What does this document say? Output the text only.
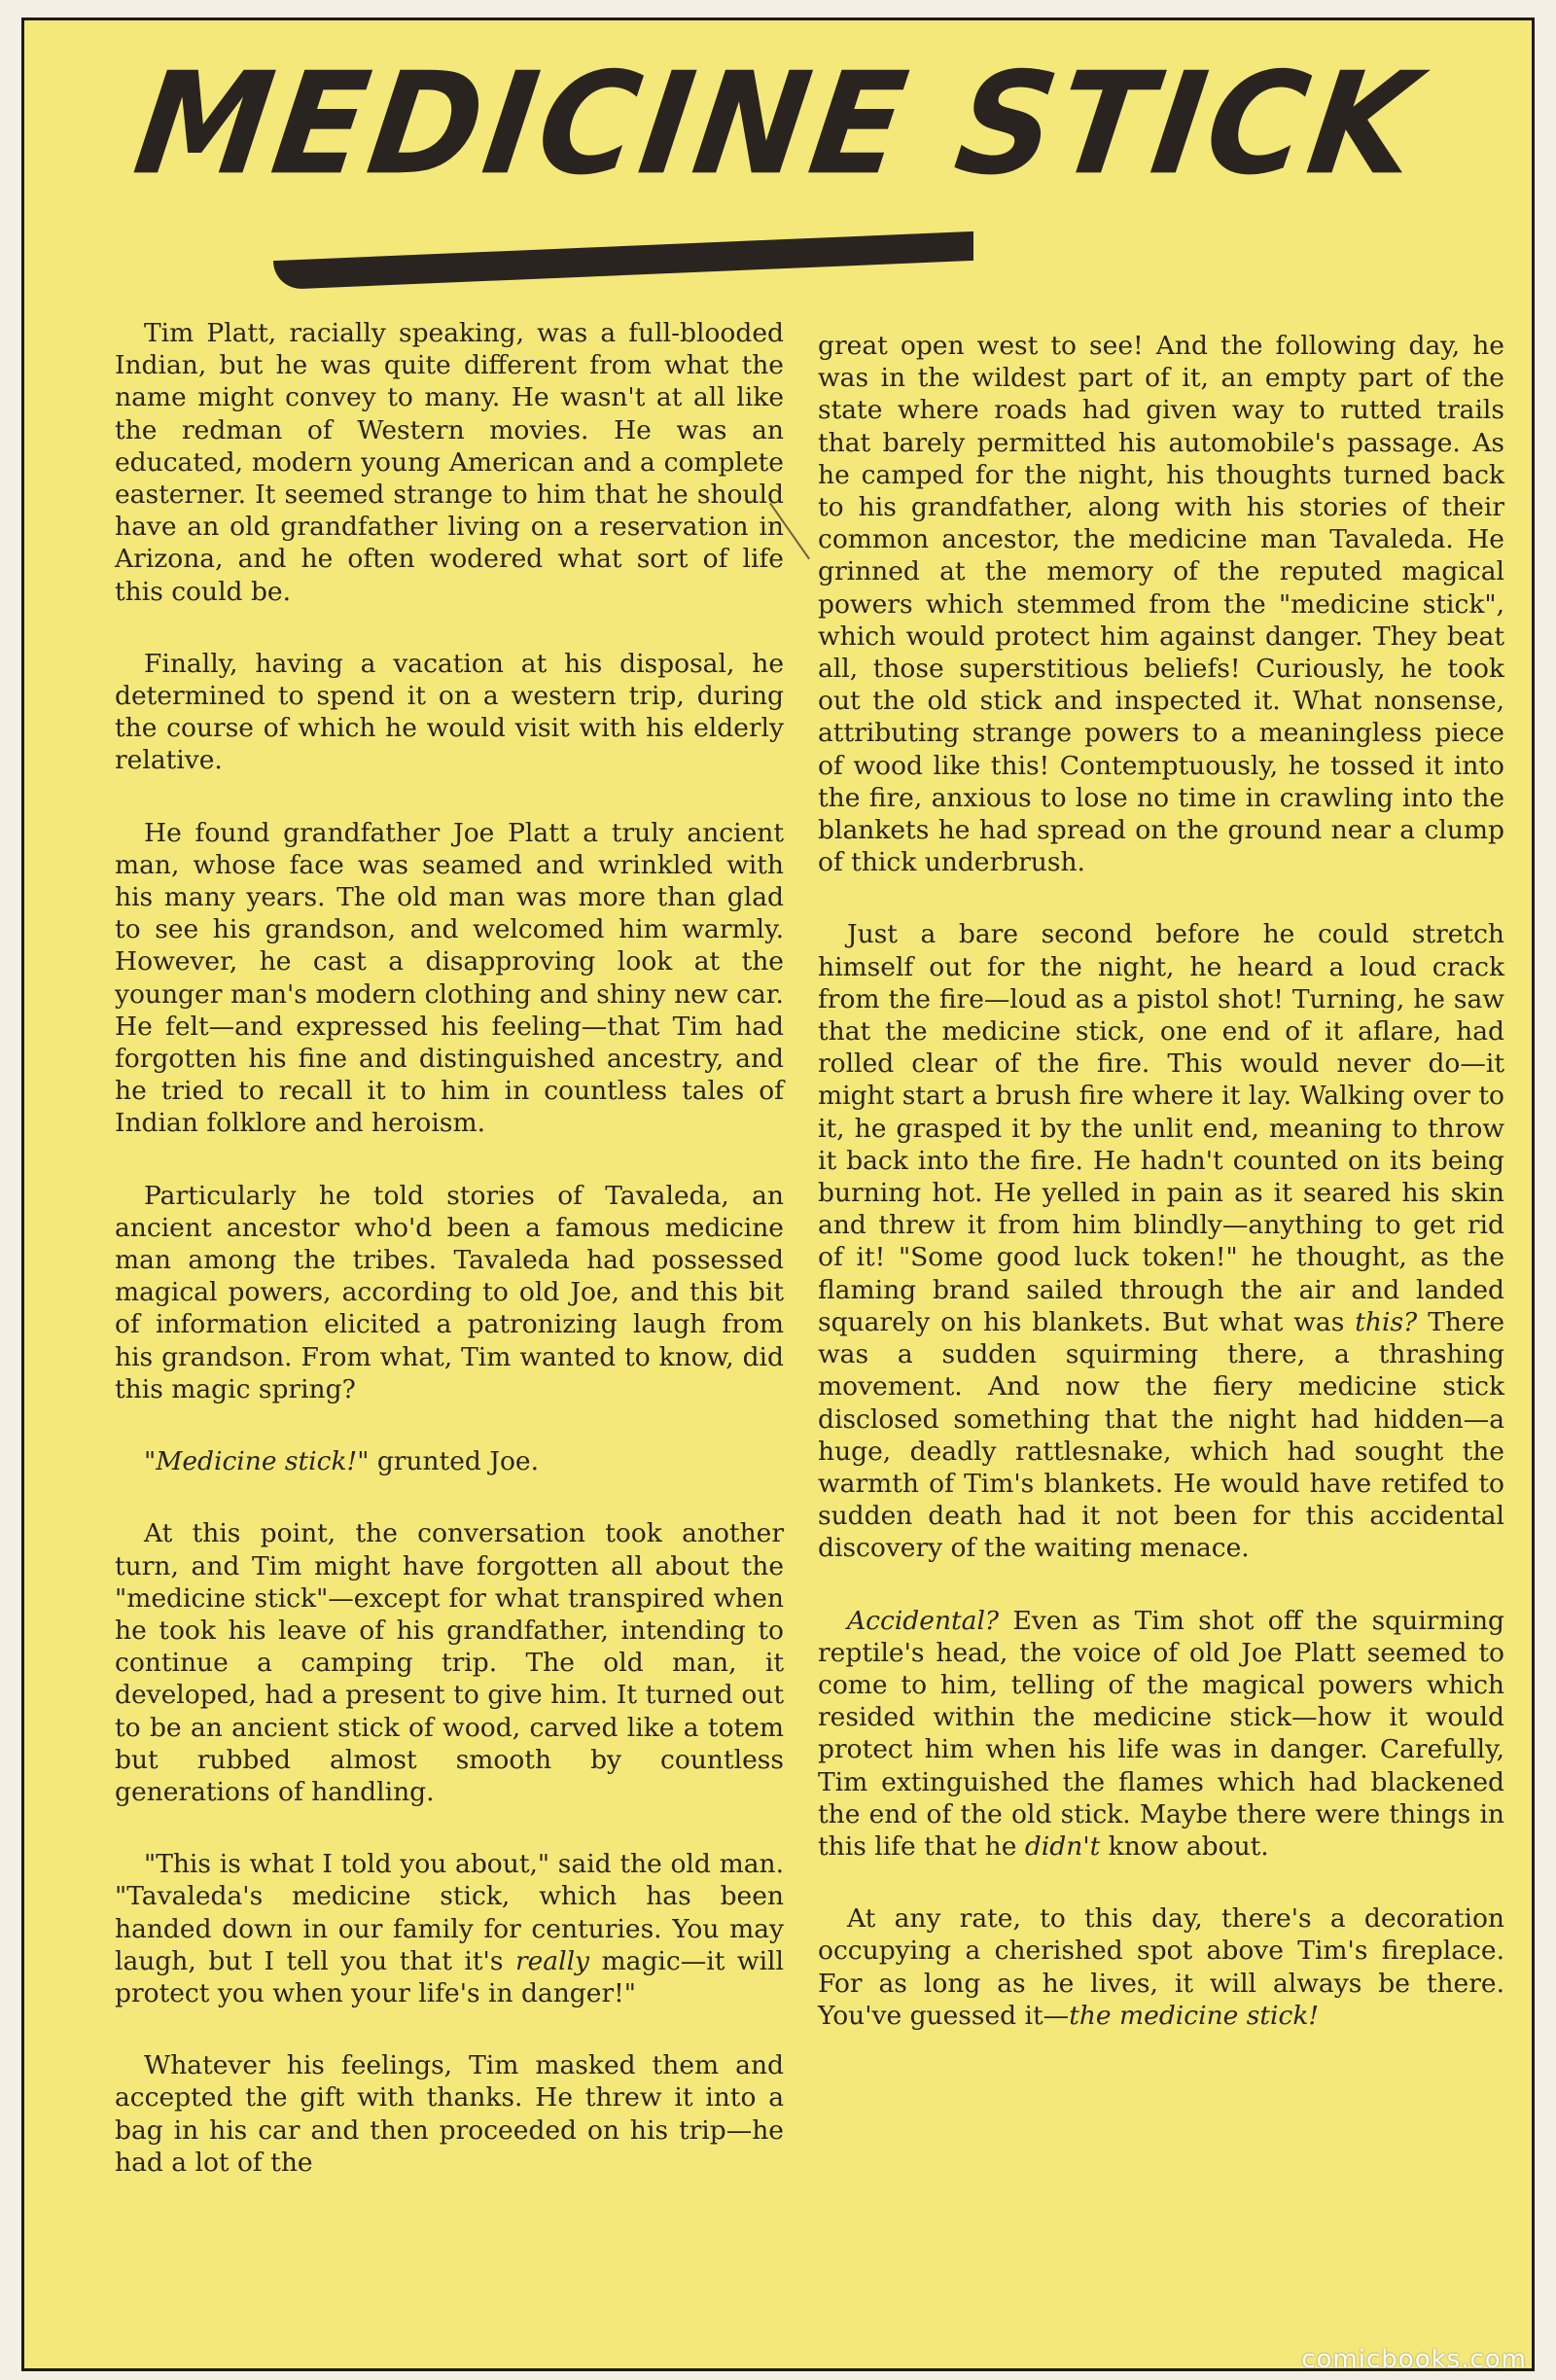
MEDICINE STICK

Tim Platt, racially speaking, was a full-blooded Indian, but he was quite different from what the name might convey to many. He wasn't at all like the redman of Western movies. He was an educated, modern young American and a complete easterner. It seemed strange to him that he should have an old grandfather living on a reservation in Arizona, and he often wodered what sort of life this could be.

Finally, having a vacation at his disposal, he determined to spend it on a western trip, during the course of which he would visit with his elderly relative.

He found grandfather Joe Platt a truly ancient man, whose face was seamed and wrinkled with his many years. The old man was more than glad to see his grandson, and welcomed him warmly. However, he cast a disapproving look at the younger man's modern clothing and shiny new car. He felt—and expressed his feeling—that Tim had forgotten his fine and distinguished ancestry, and he tried to recall it to him in countless tales of Indian folklore and heroism.

Particularly he told stories of Tavaleda, an ancient ancestor who'd been a famous medicine man among the tribes. Tavaleda had possessed magical powers, according to old Joe, and this bit of information elicited a patronizing laugh from his grandson. From what, Tim wanted to know, did this magic spring?

"Medicine stick!" grunted Joe.

At this point, the conversation took another turn, and Tim might have forgotten all about the "medicine stick"—except for what transpired when he took his leave of his grandfather, intending to continue a camping trip. The old man, it developed, had a present to give him. It turned out to be an ancient stick of wood, carved like a totem but rubbed almost smooth by countless generations of handling.

"This is what I told you about," said the old man. "Tavaleda's medicine stick, which has been handed down in our family for centuries. You may laugh, but I tell you that it's really magic—it will protect you when your life's in danger!"

Whatever his feelings, Tim masked them and accepted the gift with thanks. He threw it into a bag in his car and then proceeded on his trip—he had a lot of the

great open west to see! And the following day, he was in the wildest part of it, an empty part of the state where roads had given way to rutted trails that barely permitted his automobile's passage. As he camped for the night, his thoughts turned back to his grandfather, along with his stories of their common ancestor, the medicine man Tavaleda. He grinned at the memory of the reputed magical powers which stemmed from the "medicine stick", which would protect him against danger. They beat all, those superstitious beliefs! Curiously, he took out the old stick and inspected it. What nonsense, attributing strange powers to a meaningless piece of wood like this! Contemptuously, he tossed it into the fire, anxious to lose no time in crawling into the blankets he had spread on the ground near a clump of thick underbrush.

Just a bare second before he could stretch himself out for the night, he heard a loud crack from the fire—loud as a pistol shot! Turning, he saw that the medicine stick, one end of it aflare, had rolled clear of the fire. This would never do—it might start a brush fire where it lay. Walking over to it, he grasped it by the unlit end, meaning to throw it back into the fire. He hadn't counted on its being burning hot. He yelled in pain as it seared his skin and threw it from him blindly—anything to get rid of it! "Some good luck token!" he thought, as the flaming brand sailed through the air and landed squarely on his blankets. But what was this? There was a sudden squirming there, a thrashing movement. And now the fiery medicine stick disclosed something that the night had hidden—a huge, deadly rattlesnake, which had sought the warmth of Tim's blankets. He would have retifed to sudden death had it not been for this accidental discovery of the waiting menace.

Accidental? Even as Tim shot off the squirming reptile's head, the voice of old Joe Platt seemed to come to him, telling of the magical powers which resided within the medicine stick—how it would protect him when his life was in danger. Carefully, Tim extinguished the flames which had blackened the end of the old stick. Maybe there were things in this life that he didn't know about.

At any rate, to this day, there's a decoration occupying a cherished spot above Tim's fireplace. For as long as he lives, it will always be there. You've guessed it—the medicine stick!

comicbooks.com
